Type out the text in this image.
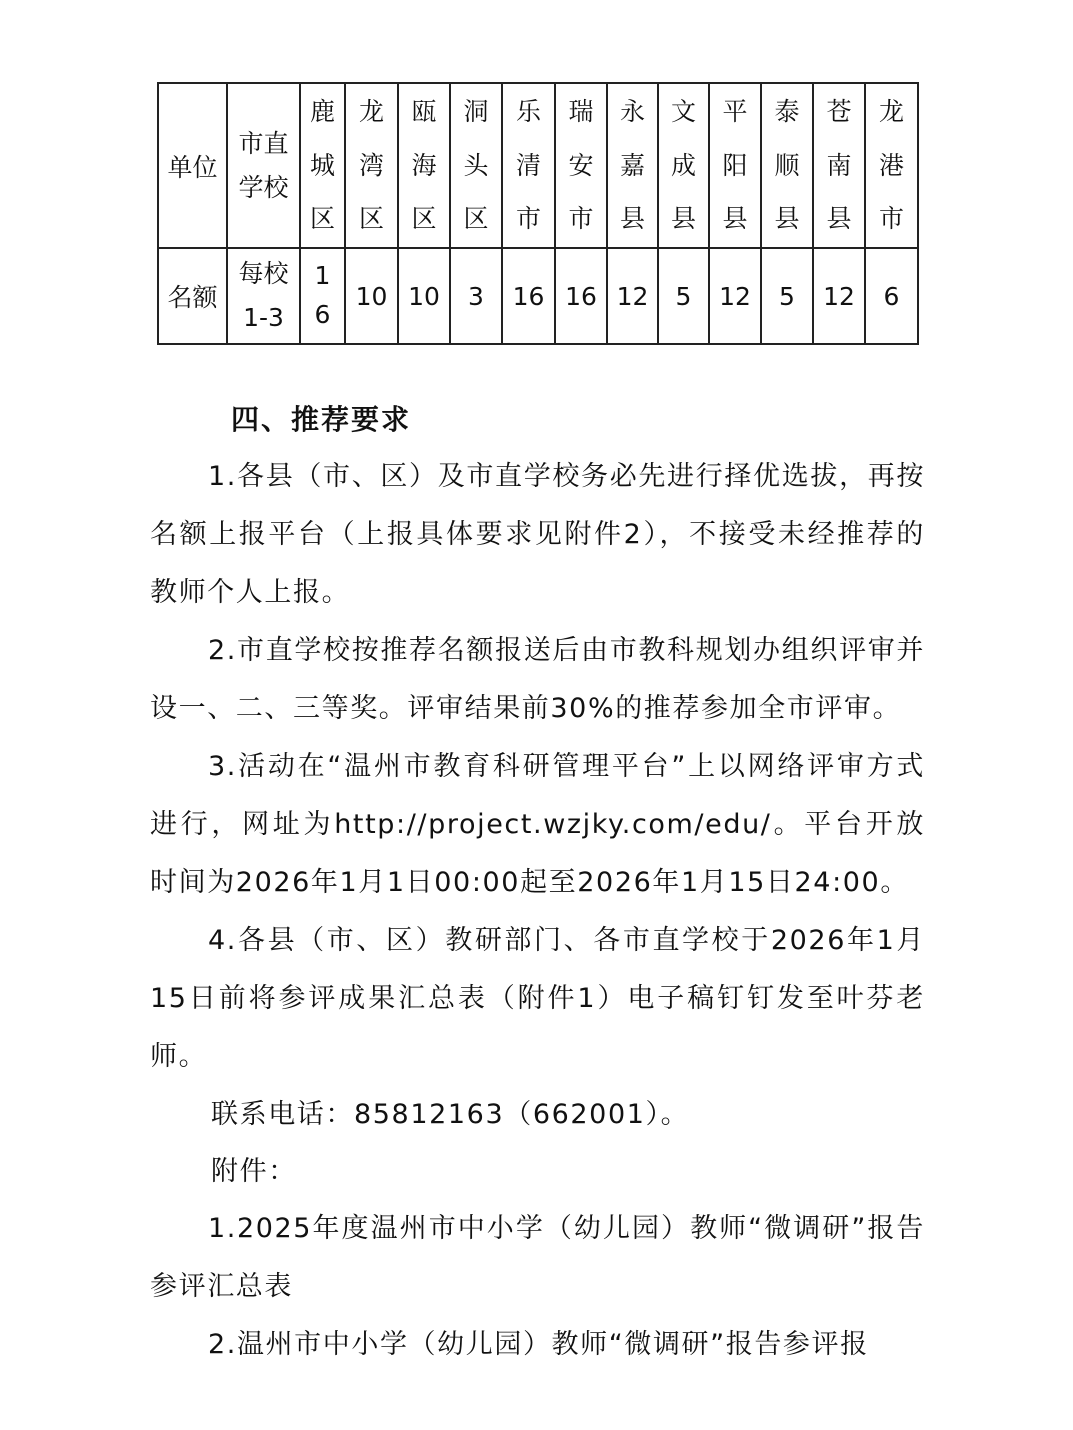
单位	市直学校	鹿城区	龙湾区	瓯海区	洞头区	乐清市	瑞安市	永嘉县	文成县	平阳县	泰顺县	苍南县	龙港市
名额	每校1-3	16	10	10	3	16	16	12	5	12	5	12	6
四、推荐要求

1.各县（市、区）及市直学校务必先进行择优选拔，再按名额上报平台（上报具体要求见附件2），不接受未经推荐的教师个人上报。

2.市直学校按推荐名额报送后由市教科规划办组织评审并设一、二、三等奖。评审结果前30%的推荐参加全市评审。

3.活动在“温州市教育科研管理平台”上以网络评审方式进行，网址为http://project.wzjky.com/edu/。平台开放时间为2026年1月1日00:00起至2026年1月15日24:00。

4.各县（市、区）教研部门、各市直学校于2026年1月15日前将参评成果汇总表（附件1）电子稿钉钉发至叶芬老师。

联系电话：85812163（662001）。

附件：

1.2025年度温州市中小学（幼儿园）教师“微调研”报告参评汇总表

2.温州市中小学（幼儿园）教师“微调研”报告参评报
